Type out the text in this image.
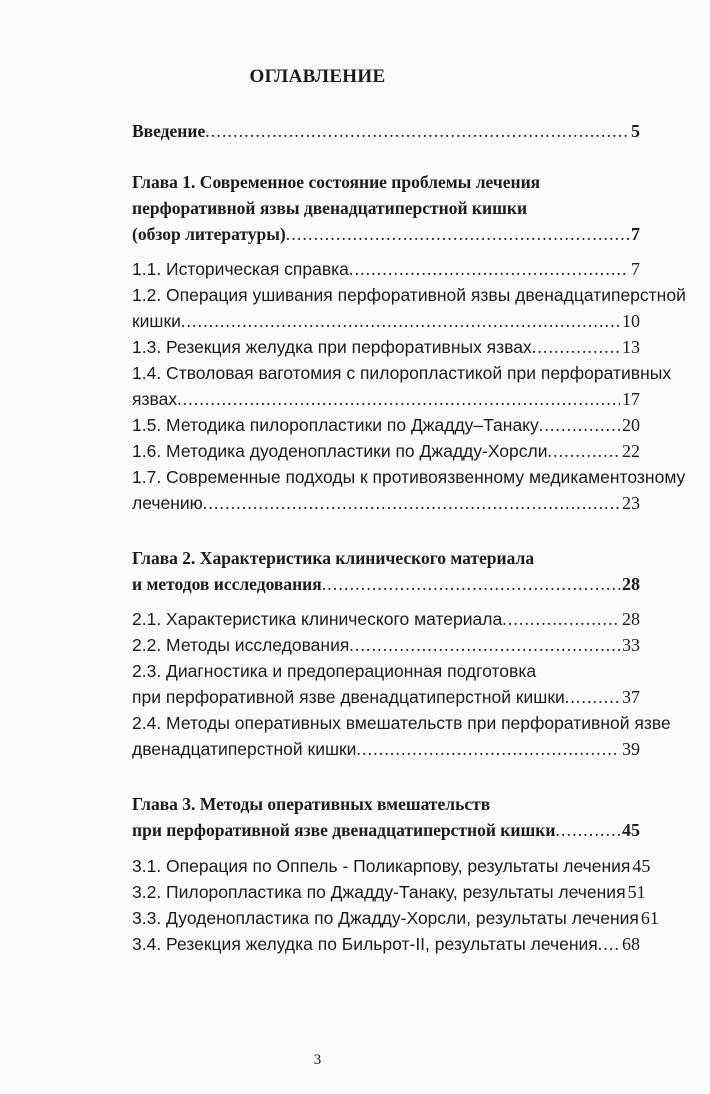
ОГЛАВЛЕНИЕ
Введение .....	5
Глава 1. Современное состояние проблемы лечения
перфоративной язвы двенадцатиперстной кишки
(обзор литературы) .....	7
1.1. Историческая справка .....	7
1.2. Операция ушивания перфоративной язвы двенадцатиперстной
кишки .....	10
1.3. Резекция желудка при перфоративных язвах .....	13
1.4. Стволовая ваготомия с пилоропластикой при перфоративных
язвах .....	17
1.5. Методика пилоропластики по Джадду–Танаку .....	20
1.6. Методика дуоденопластики по Джадду-Хорсли .....	22
1.7. Современные подходы к противоязвенному медикаментозному
лечению .....	23
Глава 2. Характеристика клинического материала
и методов исследования .....	28
2.1. Характеристика клинического материала .....	28
2.2. Методы исследования .....	33
2.3. Диагностика и предоперационная подготовка
при перфоративной язве двенадцатиперстной кишки .....	37
2.4. Методы оперативных вмешательств при перфоративной язве
двенадцатиперстной кишки .....	39
Глава 3. Методы оперативных вмешательств
при перфоративной язве двенадцатиперстной кишки .....	45
3.1. Операция по Оппель - Поликарпову, результаты лечения 45
3.2. Пилоропластика по Джадду-Танаку, результаты лечения 51
3.3. Дуоденопластика по Джадду-Хорсли, результаты лечения 61
3.4. Резекция желудка по Бильрот-II, результаты лечения ..... 68
3
